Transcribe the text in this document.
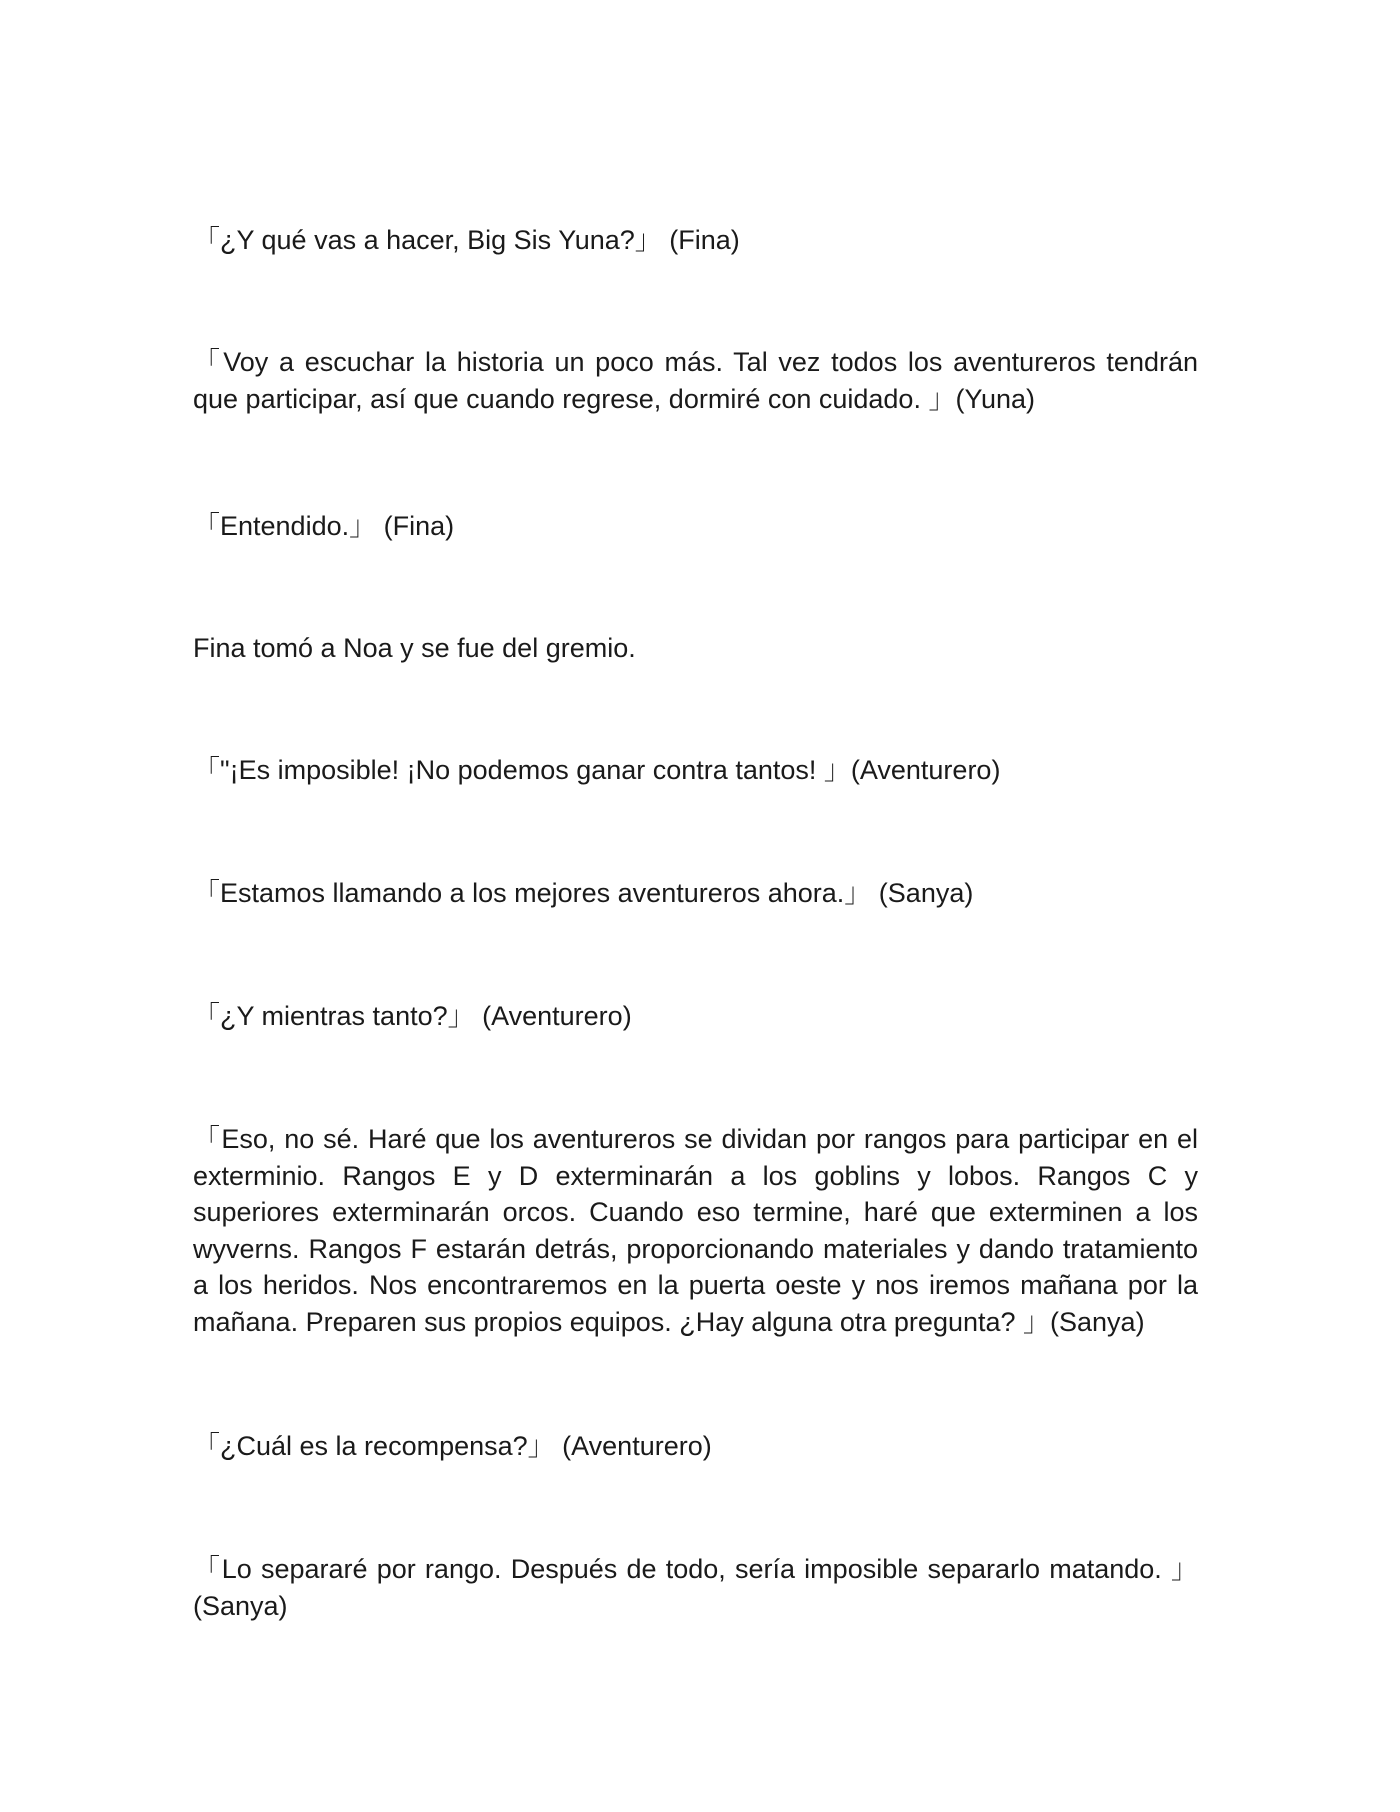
「¿Y qué vas a hacer, Big Sis Yuna?」 (Fina)

「Voy a escuchar la historia un poco más. Tal vez todos los aventureros tendrán que participar, así que cuando regrese, dormiré con cuidado. 」(Yuna)

「Entendido.」 (Fina)

Fina tomó a Noa y se fue del gremio.

「"¡Es imposible! ¡No podemos ganar contra tantos! 」(Aventurero)

「Estamos llamando a los mejores aventureros ahora.」 (Sanya)

「¿Y mientras tanto?」 (Aventurero)

「Eso, no sé. Haré que los aventureros se dividan por rangos para participar en el exterminio. Rangos E y D exterminarán a los goblins y lobos. Rangos C y superiores exterminarán orcos. Cuando eso termine, haré que exterminen a los wyverns. Rangos F estarán detrás, proporcionando materiales y dando tratamiento a los heridos. Nos encontraremos en la puerta oeste y nos iremos mañana por la mañana. Preparen sus propios equipos. ¿Hay alguna otra pregunta? 」(Sanya)

「¿Cuál es la recompensa?」 (Aventurero)

「Lo separaré por rango. Después de todo, sería imposible separarlo matando. 」(Sanya)
